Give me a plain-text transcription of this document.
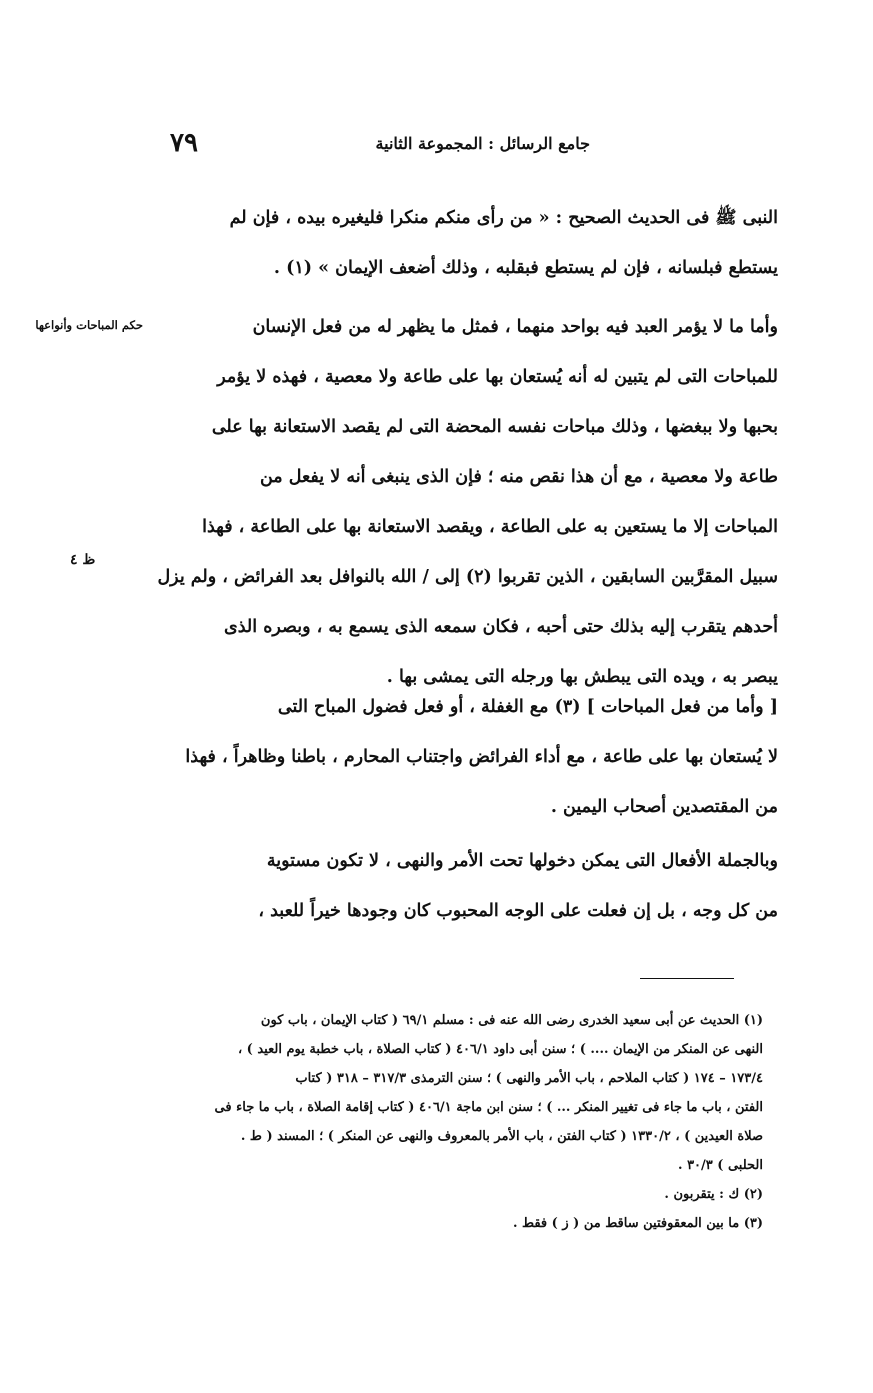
٧٩	جامع الرسائل : المجموعة الثانية
النبى ﷺ فى الحديث الصحيح : « من رأى منكم منكرا فليغيره بيده ، فإن لم
يستطع فبلسانه ، فإن لم يستطع فبقلبه ، وذلك أضعف الإيمان » (١) .
حكم المباحات وأنواعها	وأما ما لا يؤمر العبد فيه بواحد منهما ، فمثل ما يظهر له من فعل الإنسان
للمباحات التى لم يتبين له أنه يُستعان بها على طاعة ولا معصية ، فهذه لا يؤمر
بحبها ولا ببغضها ، وذلك مباحات نفسه المحضة التى لم يقصد الاستعانة بها على
طاعة ولا معصية ، مع أن هذا نقص منه ؛ فإن الذى ينبغى أنه لا يفعل من
المباحات إلا ما يستعين به على الطاعة ، ويقصد الاستعانة بها على الطاعة ، فهذا
سبيل المقرَّبين السابقين ، الذين تقربوا (٢) إلى / الله بالنوافل بعد الفرائض ، ولم يزل
أحدهم يتقرب إليه بذلك حتى أحبه ، فكان سمعه الذى يسمع به ، وبصره الذى
يبصر به ، ويده التى يبطش بها ورجله التى يمشى بها .
ظ ٤
[ وأما من فعل المباحات ] (٣) مع الغفلة ، أو فعل فضول المباح التى
لا يُستعان بها على طاعة ، مع أداء الفرائض واجتناب المحارم ، باطنا وظاهراً ، فهذا
من المقتصدين أصحاب اليمين .
وبالجملة الأفعال التى يمكن دخولها تحت الأمر والنهى ، لا تكون مستوية
من كل وجه ، بل إن فعلت على الوجه المحبوب كان وجودها خيراً للعبد ،
(١) الحديث عن أبى سعيد الخدرى رضى الله عنه فى : مسلم ٦٩/١ ( كتاب الإيمان ، باب كون
النهى عن المنكر من الإيمان .... ) ؛ سنن أبى داود ٤٠٦/١ ( كتاب الصلاة ، باب خطبة يوم العيد ) ،
١٧٣/٤ – ١٧٤ ( كتاب الملاحم ، باب الأمر والنهى ) ؛ سنن الترمذى ٣١٧/٣ – ٣١٨ ( كتاب
الفتن ، باب ما جاء فى تغيير المنكر ... ) ؛ سنن ابن ماجة ٤٠٦/١ ( كتاب إقامة الصلاة ، باب ما جاء فى
صلاة العيدين ) ، ١٣٣٠/٢ ( كتاب الفتن ، باب الأمر بالمعروف والنهى عن المنكر ) ؛ المسند ( ط .
الحلبى ) ٣٠/٣ .
(٢) ك : يتقربون .
(٣) ما بين المعقوفتين ساقط من ( ز ) فقط .
